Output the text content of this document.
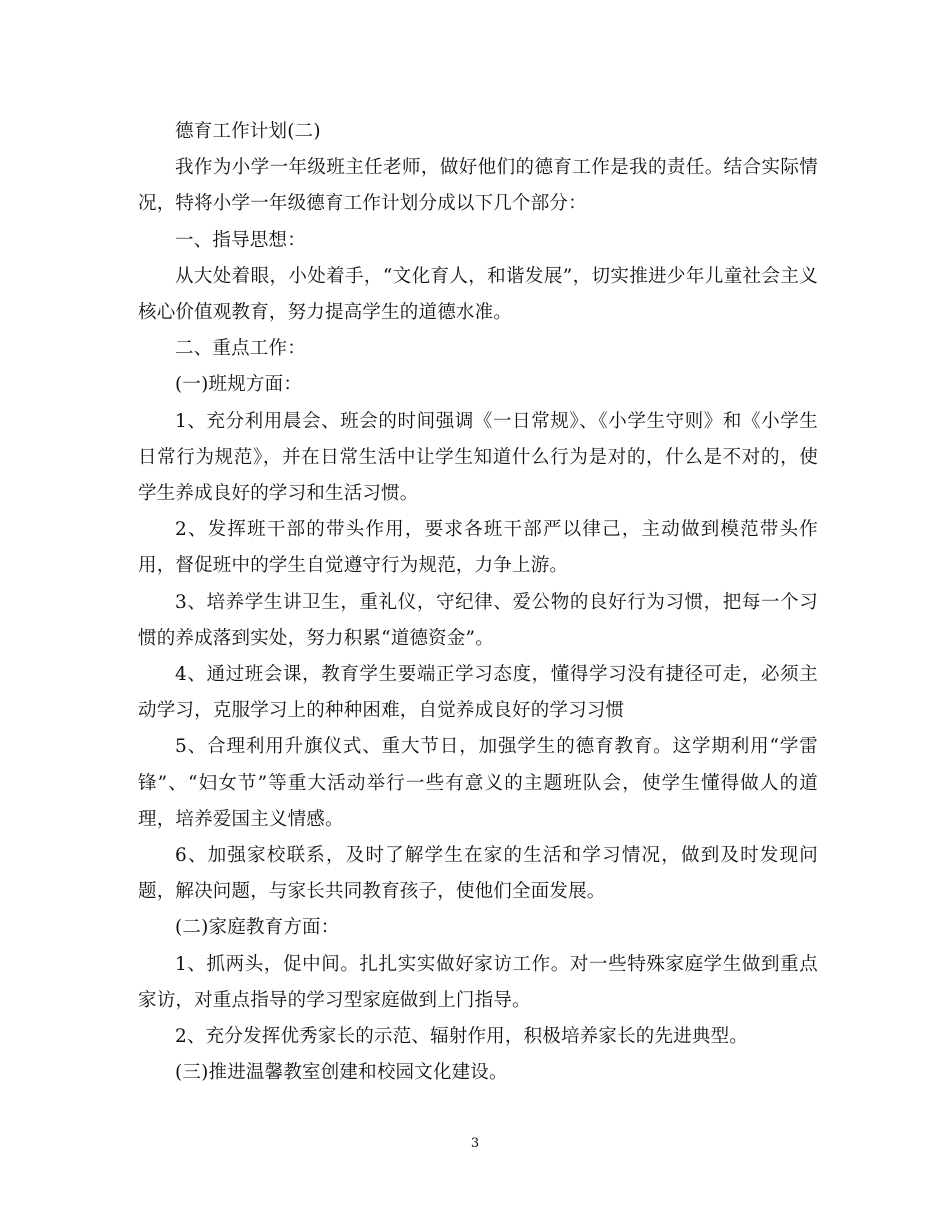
德育工作计划(二)

我作为小学一年级班主任老师，做好他们的德育工作是我的责任。结合实际情况，特将小学一年级德育工作计划分成以下几个部分：

一、指导思想：

从大处着眼，小处着手，“文化育人，和谐发展”，切实推进少年儿童社会主义核心价值观教育，努力提高学生的道德水准。

二、重点工作：

(一)班规方面：

1、充分利用晨会、班会的时间强调《一日常规》、《小学生守则》和《小学生日常行为规范》，并在日常生活中让学生知道什么行为是对的，什么是不对的，使学生养成良好的学习和生活习惯。

2、发挥班干部的带头作用，要求各班干部严以律己，主动做到模范带头作用，督促班中的学生自觉遵守行为规范，力争上游。

3、培养学生讲卫生，重礼仪，守纪律、爱公物的良好行为习惯，把每一个习惯的养成落到实处，努力积累“道德资金”。

4、通过班会课，教育学生要端正学习态度，懂得学习没有捷径可走，必须主动学习，克服学习上的种种困难，自觉养成良好的学习习惯

5、合理利用升旗仪式、重大节日，加强学生的德育教育。这学期利用“学雷锋”、“妇女节”等重大活动举行一些有意义的主题班队会，使学生懂得做人的道理，培养爱国主义情感。

6、加强家校联系，及时了解学生在家的生活和学习情况，做到及时发现问题，解决问题，与家长共同教育孩子，使他们全面发展。

(二)家庭教育方面：

1、抓两头，促中间。扎扎实实做好家访工作。对一些特殊家庭学生做到重点家访，对重点指导的学习型家庭做到上门指导。

2、充分发挥优秀家长的示范、辐射作用，积极培养家长的先进典型。

(三)推进温馨教室创建和校园文化建设。

3
